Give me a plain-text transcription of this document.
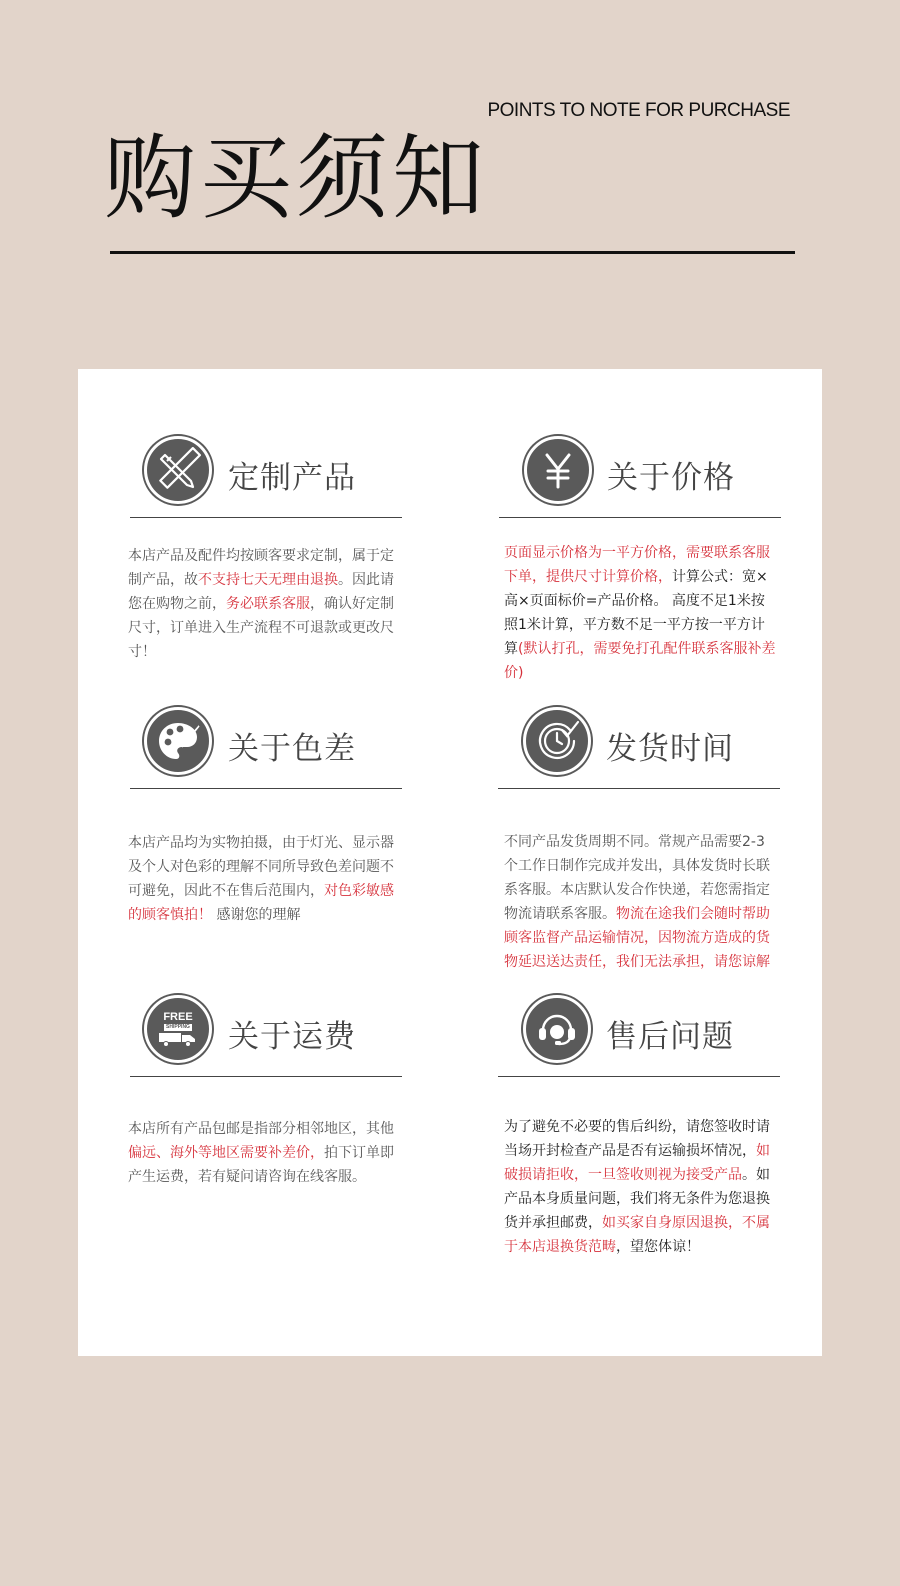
POINTS TO NOTE FOR PURCHASE
购买须知
定制产品
本店产品及配件均按顾客要求定制，属于定制产品，故不支持七天无理由退换。因此请您在购物之前，务必联系客服，确认好定制尺寸，订单进入生产流程不可退款或更改尺寸！
关于价格
页面显示价格为一平方价格，需要联系客服下单，提供尺寸计算价格，计算公式：宽×高×页面标价=产品价格。 高度不足1米按照1米计算，平方数不足一平方按一平方计算(默认打孔，需要免打孔配件联系客服补差价)
关于色差
本店产品均为实物拍摄，由于灯光、显示器及个人对色彩的理解不同所导致色差问题不可避免，因此不在售后范围内，对色彩敏感的顾客慎拍！ 感谢您的理解
发货时间
不同产品发货周期不同。常规产品需要2-3个工作日制作完成并发出，具体发货时长联系客服。本店默认发合作快递，若您需指定物流请联系客服。物流在途我们会随时帮助顾客监督产品运输情况，因物流方造成的货物延迟送达责任，我们无法承担，请您谅解
FREE
SHIPPING 关于运费
本店所有产品包邮是指部分相邻地区，其他偏远、海外等地区需要补差价，拍下订单即产生运费，若有疑问请咨询在线客服。
售后问题
为了避免不必要的售后纠纷，请您签收时请当场开封检查产品是否有运输损坏情况，如破损请拒收，一旦签收则视为接受产品。如产品本身质量问题，我们将无条件为您退换货并承担邮费，如买家自身原因退换，不属于本店退换货范畴，望您体谅！
